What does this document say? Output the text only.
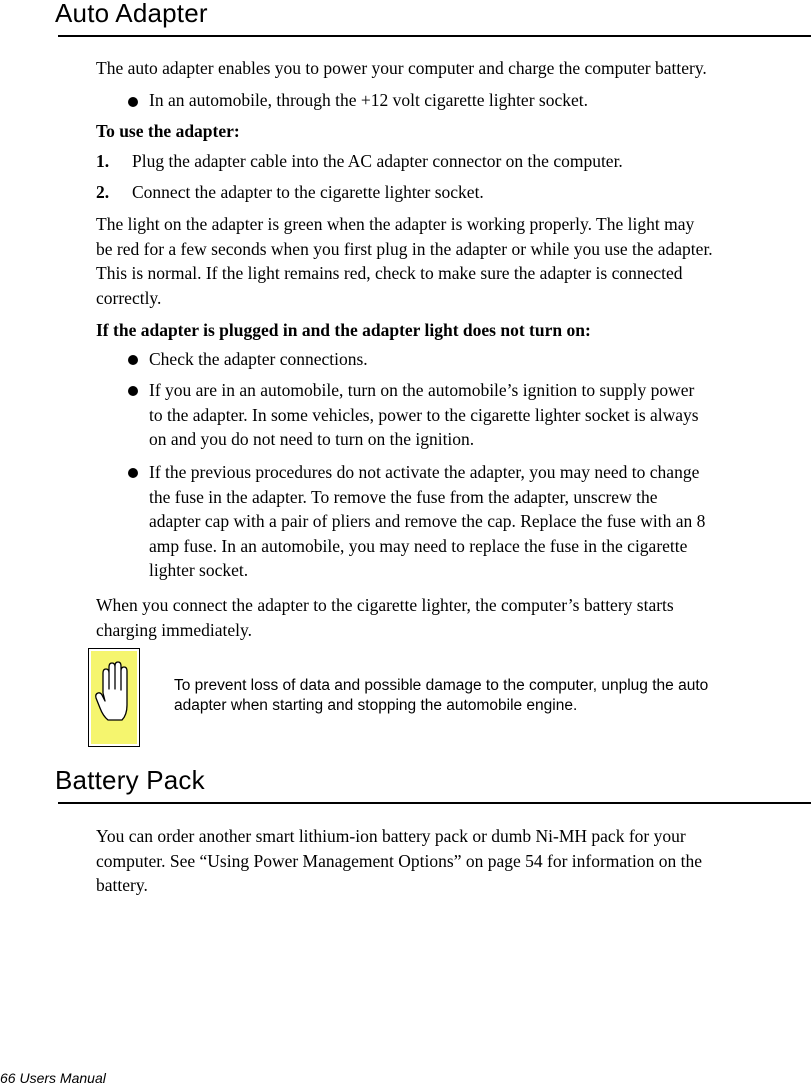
Auto Adapter

The auto adapter enables you to power your computer and charge the computer battery.

In an automobile, through the +12 volt cigarette lighter socket.

To use the adapter:

1. Plug the adapter cable into the AC adapter connector on the computer.

2. Connect the adapter to the cigarette lighter socket.

The light on the adapter is green when the adapter is working properly. The light may
be red for a few seconds when you first plug in the adapter or while you use the adapter.
This is normal. If the light remains red, check to make sure the adapter is connected
correctly.

If the adapter is plugged in and the adapter light does not turn on:

Check the adapter connections.

If you are in an automobile, turn on the automobile’s ignition to supply power
to the adapter. In some vehicles, power to the cigarette lighter socket is always
on and you do not need to turn on the ignition.
If the previous procedures do not activate the adapter, you may need to change
the fuse in the adapter. To remove the fuse from the adapter, unscrew the
adapter cap with a pair of pliers and remove the cap. Replace the fuse with an 8
amp fuse. In an automobile, you may need to replace the fuse in the cigarette
lighter socket.
When you connect the adapter to the cigarette lighter, the computer’s battery starts
charging immediately.
To prevent loss of data and possible damage to the computer, unplug the auto
adapter when starting and stopping the automobile engine.
Battery Pack
You can order another smart lithium-ion battery pack or dumb Ni-MH pack for your
computer. See “Using Power Management Options” on page 54 for information on the
battery.

66 Users Manual
